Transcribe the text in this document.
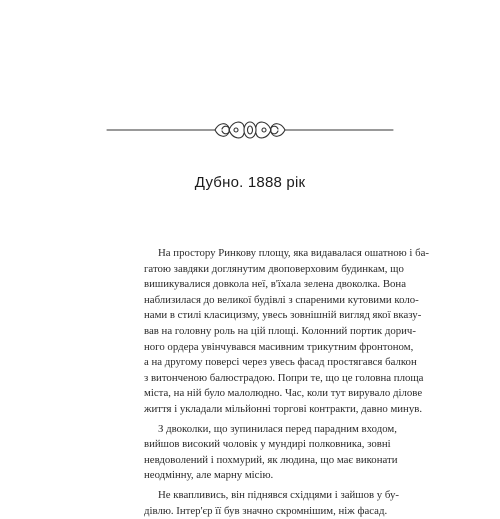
Дубно. 1888 рік
На простору Ринкову площу, яка видавалася ошатною і ба-
гатою завдяки доглянутим двоповерховим будинкам, що
вишикувалися довкола неї, в'їхала зелена двоколка. Вона
наблизилася до великої будівлі з спареними кутовими коло-
нами в стилі класицизму, увесь зовнішній вигляд якої вказу-
вав на головну роль на цій площі. Колонний портик дорич-
ного ордера увінчувався масивним трикутним фронтоном,
а на другому поверсі через увесь фасад простягався балкон
з витонченою балюстрадою. Попри те, що це головна площа
міста, на ній було малолюдно. Час, коли тут вирувало ділове
життя і укладали мільйонні торгові контракти, давно минув.
З двоколки, що зупинилася перед парадним входом,
вийшов високий чоловік у мундирі полковника, зовні
невдоволений і похмурий, як людина, що має виконати
неодмінну, але марну місію.
Не квапливись, він піднявся східцями і зайшов у бу-
дівлю. Інтер'єр її був значно скромнішим, ніж фасад.
